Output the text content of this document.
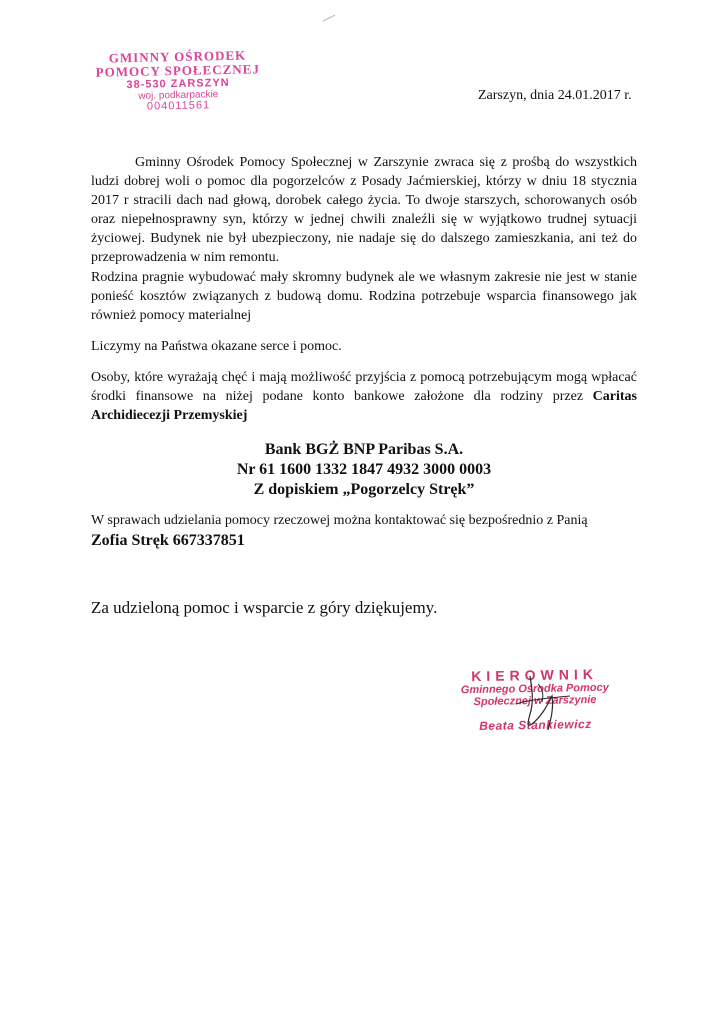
GMINNY OŚRODEK
POMOCY SPOŁECZNEJ
38-530 ZARSZYN
woj. podkarpackie
004011561
Zarszyn, dnia 24.01.2017 r.
Gminny Ośrodek Pomocy Społecznej w Zarszynie zwraca się z prośbą do wszystkich ludzi dobrej woli o pomoc dla pogorzelców z Posady Jaćmierskiej, którzy w dniu 18 stycznia 2017 r stracili dach nad głową, dorobek całego życia. To dwoje starszych, schorowanych osób oraz niepełnosprawny syn, którzy w jednej chwili znaleźli się w wyjątkowo trudnej sytuacji życiowej. Budynek nie był ubezpieczony, nie nadaje się do dalszego zamieszkania, ani też do przeprowadzenia w nim remontu.
Rodzina pragnie wybudować mały skromny budynek ale we własnym zakresie nie jest w stanie ponieść kosztów związanych z budową domu. Rodzina potrzebuje wsparcia finansowego jak również pomocy materialnej
Liczymy na Państwa okazane serce i pomoc.
Osoby, które wyrażają chęć i mają możliwość przyjścia z pomocą potrzebującym mogą wpłacać środki finansowe na niżej podane konto bankowe założone dla rodziny przez Caritas Archidiecezji Przemyskiej
Bank BGŻ BNP Paribas S.A.
Nr 61 1600 1332 1847 4932 3000 0003
Z dopiskiem „Pogorzelcy Stręk”
W sprawach udzielania pomocy rzeczowej można kontaktować się bezpośrednio z Panią
Zofia Stręk 667337851
Za udzieloną pomoc i wsparcie z góry dziękujemy.
KIEROWNIK
Gminnego Ośrodka Pomocy
Społecznej w Zarszynie
Beata Stankiewicz
